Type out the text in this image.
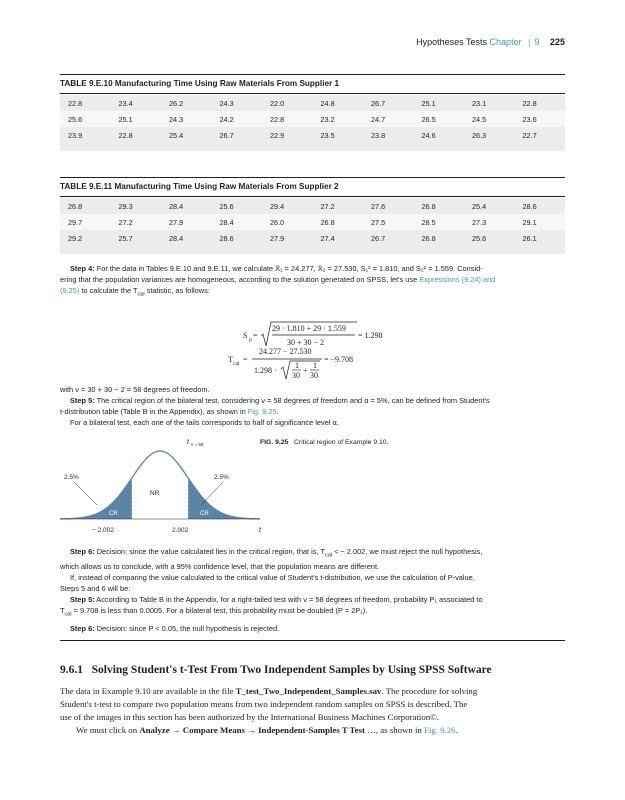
Hypotheses Tests Chapter | 9 225
TABLE 9.E.10 Manufacturing Time Using Raw Materials From Supplier 1
22.8	23.4	26.2	24.3	22.0	24.8	26.7	25.1	23.1	22.8
25.6	25.1	24.3	24.2	22.8	23.2	24.7	26.5	24.5	23.6
23.9	22.8	25.4	26.7	22.9	23.5	23.8	24.6	26.3	22.7
TABLE 9.E.11 Manufacturing Time Using Raw Materials From Supplier 2
26.8	29.3	28.4	25.6	29.4	27.2	27.6	26.8	25.4	28.6
29.7	27.2	27.9	28.4	26.0	26.8	27.5	28.5	27.3	29.1
29.2	25.7	28.4	28.6	27.9	27.4	26.7	26.8	25.6	26.1
Step 4: For the data in Tables 9.E.10 and 9.E.11, we calculate X̄₁ = 24.277, X̄₂ = 27.530, S₁² = 1.810, and S₂² = 1.559. Consid-
ering that the population variances are homogeneous, according to the solution generated on SPSS, let's use Expressions (9.24) and
(9.25) to calculate the $T_{cal}$ statistic, as follows:
S p =
29 · 1.810 + 29 · 1.559
30 + 30 − 2
= 1.298
T cal =
24.277 − 27.530
1.298 ·
1
30
+
1
30
= −9.708
with ν = 30 + 30 − 2 = 58 degrees of freedom.
Step 5: The critical region of the bilateral test, considering ν = 58 degrees of freedom and α = 5%, can be defined from Student's
t-distribution table (Table B in the Appendix), as shown in Fig. 9.25.
For a bilateral test, each one of the tails corresponds to half of significance level α.
t ν = 58
2.5%	2.5%
NR
CR	CR
− 2.002	2.002	t
FIG. 9.25 Critical region of Example 9.10.
Step 6: Decision: since the value calculated lies in the critical region, that is, $T_{cal}$ < − 2.002, we must reject the null hypothesis,
which allows us to conclude, with a 95% confidence level, that the population means are different.
If, instead of comparing the value calculated to the critical value of Student's t-distribution, we use the calculation of P-value,
Steps 5 and 6 will be:
Step 5: According to Table B in the Appendix, for a right-tailed test with ν = 58 degrees of freedom, probability P₁ associated to
$T_{cal} = 9.708$ is less than 0.0005. For a bilateral test, this probability must be doubled (P = 2P₁).
Step 6: Decision: since P < 0.05, the null hypothesis is rejected.
9.6.1 Solving Student's t-Test From Two Independent Samples by Using SPSS Software
The data in Example 9.10 are available in the file T_test_Two_Independent_Samples.sav. The procedure for solving
Student's t-test to compare two population means from two independent random samples on SPSS is described. The
use of the images in this section has been authorized by the International Business Machines Corporation©.
We must click on Analyze → Compare Means → Independent-Samples T Test …, as shown in Fig. 9.26.
